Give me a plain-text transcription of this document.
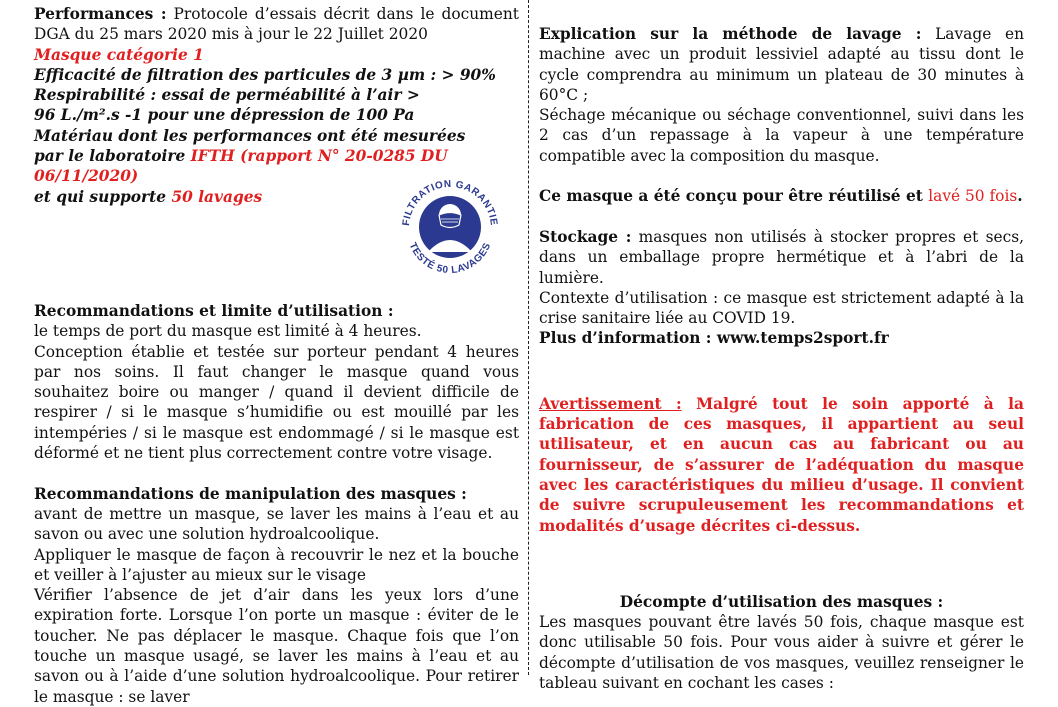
Performances : Protocole d’essais décrit dans le document DGA du 25 mars 2020 mis à jour le 22 Juillet 2020

Masque catégorie 1

Efficacité de filtration des particules de 3 µm : > 90%

Respirabilité : essai de perméabilité à l’air > 96 L./m².s -1 pour une dépression de 100 Pa

Matériau dont les performances ont été mesurées par le laboratoire IFTH (rapport N° 20-0285 DU 06/11/2020)

et qui supporte 50 lavages

Recommandations et limite d’utilisation :

le temps de port du masque est limité à 4 heures.

Conception établie et testée sur porteur pendant 4 heures par nos soins. Il faut changer le masque quand vous souhaitez boire ou manger / quand il devient difficile de respirer / si le masque s’humidifie ou est mouillé par les intempéries / si le masque est endommagé / si le masque est déformé et ne tient plus correctement contre votre visage.

Recommandations de manipulation des masques :

avant de mettre un masque, se laver les mains à l’eau et au savon ou avec une solution hydroalcoolique.

Appliquer le masque de façon à recouvrir le nez et la bouche et veiller à l’ajuster au mieux sur le visage

Vérifier l’absence de jet d’air dans les yeux lors d’une expiration forte. Lorsque l’on porte un masque : éviter de le toucher. Ne pas déplacer le masque. Chaque fois que l’on touche un masque usagé, se laver les mains à l’eau et au savon ou à l’aide d’une solution hydroalcoolique. Pour retirer le masque : se laver

FILTRATION GARANTIE
TESTÉ 50 LAVAGES

Explication sur la méthode de lavage : Lavage en machine avec un produit lessiviel adapté au tissu dont le cycle comprendra au minimum un plateau de 30 minutes à 60°C ;

Séchage mécanique ou séchage conventionnel, suivi dans les 2 cas d’un repassage à la vapeur à une température compatible avec la composition du masque.

Ce masque a été conçu pour être réutilisé et lavé 50 fois.

Stockage : masques non utilisés à stocker propres et secs, dans un emballage propre hermétique et à l’abri de la lumière.

Contexte d’utilisation : ce masque est strictement adapté à la crise sanitaire liée au COVID 19.

Plus d’information : www.temps2sport.fr

Avertissement : Malgré tout le soin apporté à la fabrication de ces masques, il appartient au seul utilisateur, et en aucun cas au fabricant ou au fournisseur, de s’assurer de l’adéquation du masque avec les caractéristiques du milieu d’usage. Il convient de suivre scrupuleusement les recommandations et modalités d’usage décrites ci-dessus.

Décompte d’utilisation des masques :

Les masques pouvant être lavés 50 fois, chaque masque est donc utilisable 50 fois. Pour vous aider à suivre et gérer le décompte d’utilisation de vos masques, veuillez renseigner le tableau suivant en cochant les cases :
